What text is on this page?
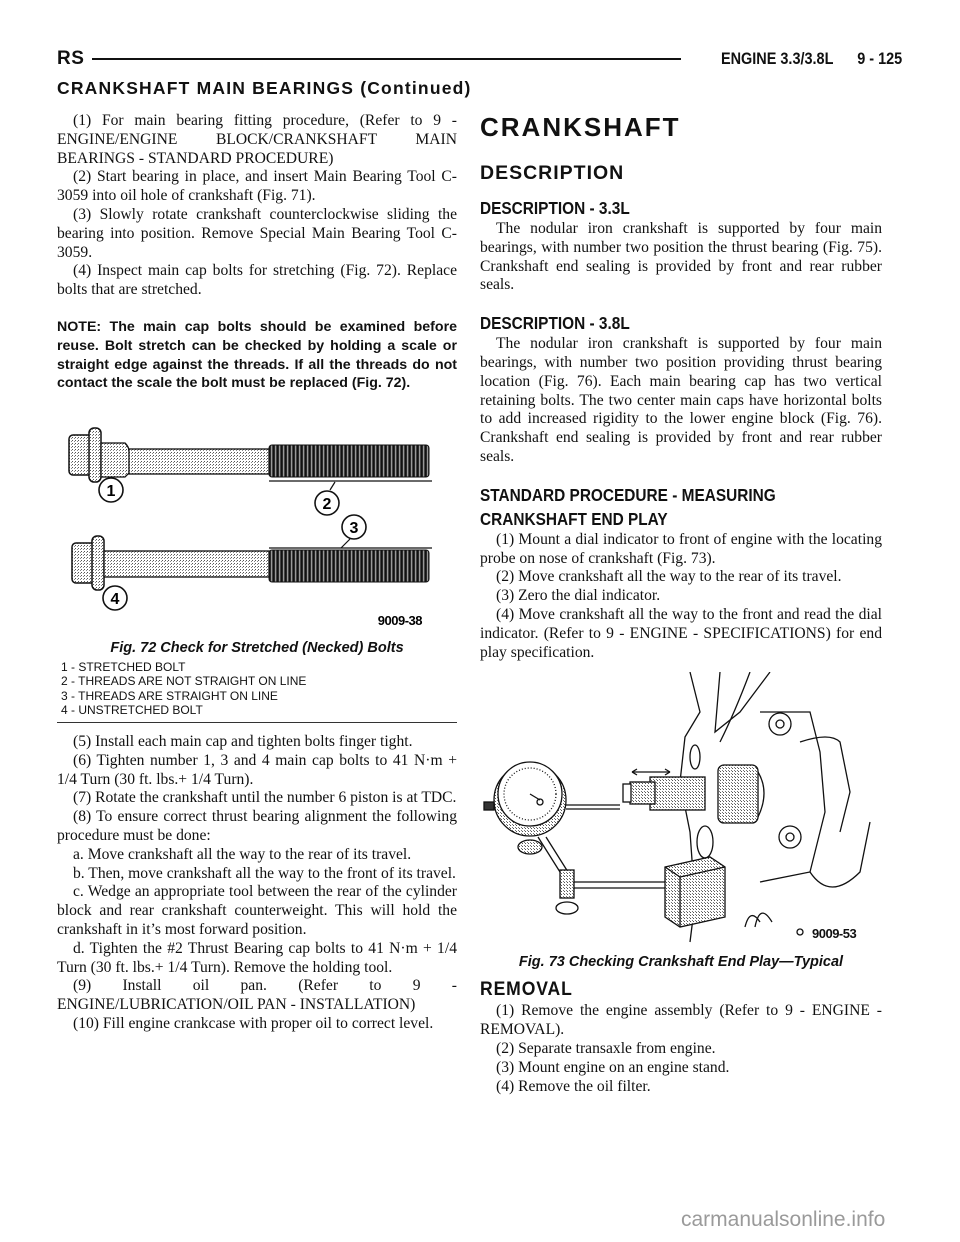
RS	ENGINE 3.3/3.8L 9 - 125
CRANKSHAFT MAIN BEARINGS (Continued)

(1) For main bearing fitting procedure, (Refer to 9 - ENGINE/ENGINE BLOCK/CRANKSHAFT MAIN BEARINGS - STANDARD PROCEDURE)

(2) Start bearing in place, and insert Main Bearing Tool C-3059 into oil hole of crankshaft (Fig. 71).

(3) Slowly rotate crankshaft counterclockwise sliding the bearing into position. Remove Special Main Bearing Tool C-3059.

(4) Inspect main cap bolts for stretching (Fig. 72). Replace bolts that are stretched.

NOTE: The main cap bolts should be examined before reuse. Bolt stretch can be checked by holding a scale or straight edge against the threads. If all the threads do not contact the scale the bolt must be replaced (Fig. 72).

1
2
3
4
9009-38

Fig. 72 Check for Stretched (Necked) Bolts

1 - STRETCHED BOLT
2 - THREADS ARE NOT STRAIGHT ON LINE
3 - THREADS ARE STRAIGHT ON LINE
4 - UNSTRETCHED BOLT

(5) Install each main cap and tighten bolts finger tight.

(6) Tighten number 1, 3 and 4 main cap bolts to 41 N·m + 1/4 Turn (30 ft. lbs.+ 1/4 Turn).

(7) Rotate the crankshaft until the number 6 piston is at TDC.

(8) To ensure correct thrust bearing alignment the following procedure must be done:

a. Move crankshaft all the way to the rear of its travel.

b. Then, move crankshaft all the way to the front of its travel.

c. Wedge an appropriate tool between the rear of the cylinder block and rear crankshaft counterweight. This will hold the crankshaft in it’s most forward position.

d. Tighten the #2 Thrust Bearing cap bolts to 41 N·m + 1/4 Turn (30 ft. lbs.+ 1/4 Turn). Remove the holding tool.

(9) Install oil pan. (Refer to 9 - ENGINE/LUBRICATION/OIL PAN - INSTALLATION)

(10) Fill engine crankcase with proper oil to correct level.

CRANKSHAFT
DESCRIPTION
DESCRIPTION - 3.3L

The nodular iron crankshaft is supported by four main bearings, with number two position the thrust bearing (Fig. 75). Crankshaft end sealing is provided by front and rear rubber seals.

DESCRIPTION - 3.8L

The nodular iron crankshaft is supported by four main bearings, with number two position providing thrust bearing location (Fig. 76). Each main bearing cap has two vertical retaining bolts. The two center main caps have horizontal bolts to add increased rigidity to the lower engine block (Fig. 76). Crankshaft end sealing is provided by front and rear rubber seals.

STANDARD PROCEDURE - MEASURING
CRANKSHAFT END PLAY

(1) Mount a dial indicator to front of engine with the locating probe on nose of crankshaft (Fig. 73).

(2) Move crankshaft all the way to the rear of its travel.

(3) Zero the dial indicator.

(4) Move crankshaft all the way to the front and read the dial indicator. (Refer to 9 - ENGINE - SPECIFICATIONS) for end play specification.

9009-53

Fig. 73 Checking Crankshaft End Play—Typical

REMOVAL

(1) Remove the engine assembly (Refer to 9 - ENGINE - REMOVAL).

(2) Separate transaxle from engine.

(3) Mount engine on an engine stand.

(4) Remove the oil filter.

carmanualsonline.info
